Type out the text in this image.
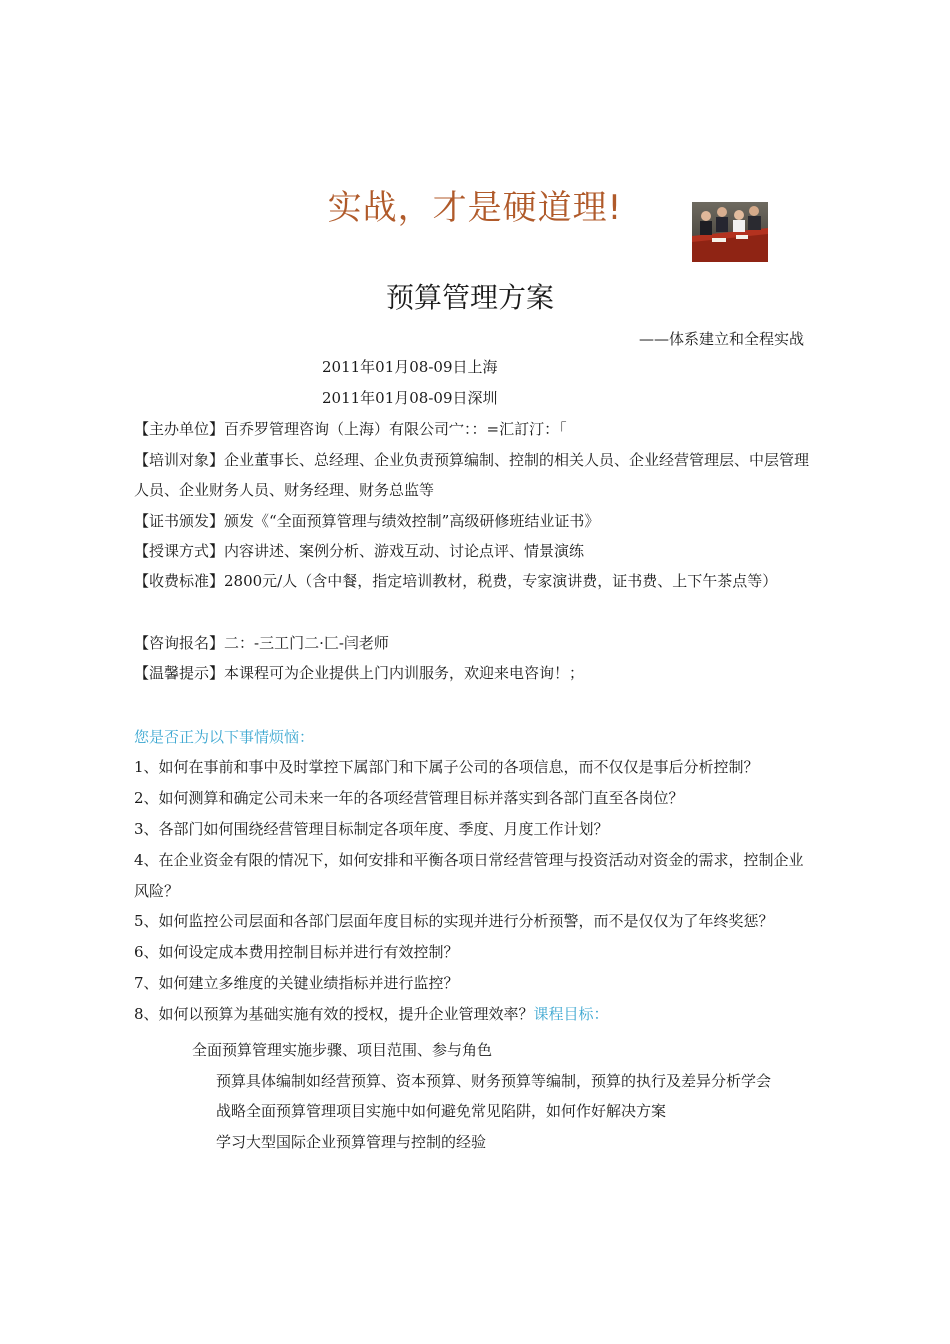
实战，才是硬道理!
预算管理方案
——体系建立和全程实战
2011年01月08-09日上海
2011年01月08-09日深圳
【主办单位】百乔罗管理咨询（上海）有限公司宀：：=汇訂汀：「
【培训对象】企业董事长、总经理、企业负责预算编制、控制的相关人员、企业经营管理层、中层管理人员、企业财务人员、财务经理、财务总监等
【证书颁发】颁发《“全面预算管理与绩效控制”高级研修班结业证书》
【授课方式】内容讲述、案例分析、游戏互动、讨论点评、情景演练
【收费标准】2800元/人（含中餐，指定培训教材，税费，专家演讲费，证书费、上下午茶点等）
【咨询报名】二：-三工门二·匚-闫老师
【温馨提示】本课程可为企业提供上门内训服务，欢迎来电咨询！；
您是否正为以下事情烦恼：
1、如何在事前和事中及时掌控下属部门和下属子公司的各项信息，而不仅仅是事后分析控制？
2、如何测算和确定公司未来一年的各项经营管理目标并落实到各部门直至各岗位？
3、各部门如何围绕经营管理目标制定各项年度、季度、月度工作计划？
4、在企业资金有限的情况下，如何安排和平衡各项日常经营管理与投资活动对资金的需求，控制企业风险？
5、如何监控公司层面和各部门层面年度目标的实现并进行分析预警，而不是仅仅为了年终奖惩？
6、如何设定成本费用控制目标并进行有效控制？
7、如何建立多维度的关键业绩指标并进行监控？
8、如何以预算为基础实施有效的授权，提升企业管理效率？课程目标：
全面预算管理实施步骤、项目范围、参与角色
预算具体编制如经营预算、资本预算、财务预算等编制，预算的执行及差异分析学会
战略全面预算管理项目实施中如何避免常见陷阱，如何作好解决方案
学习大型国际企业预算管理与控制的经验
